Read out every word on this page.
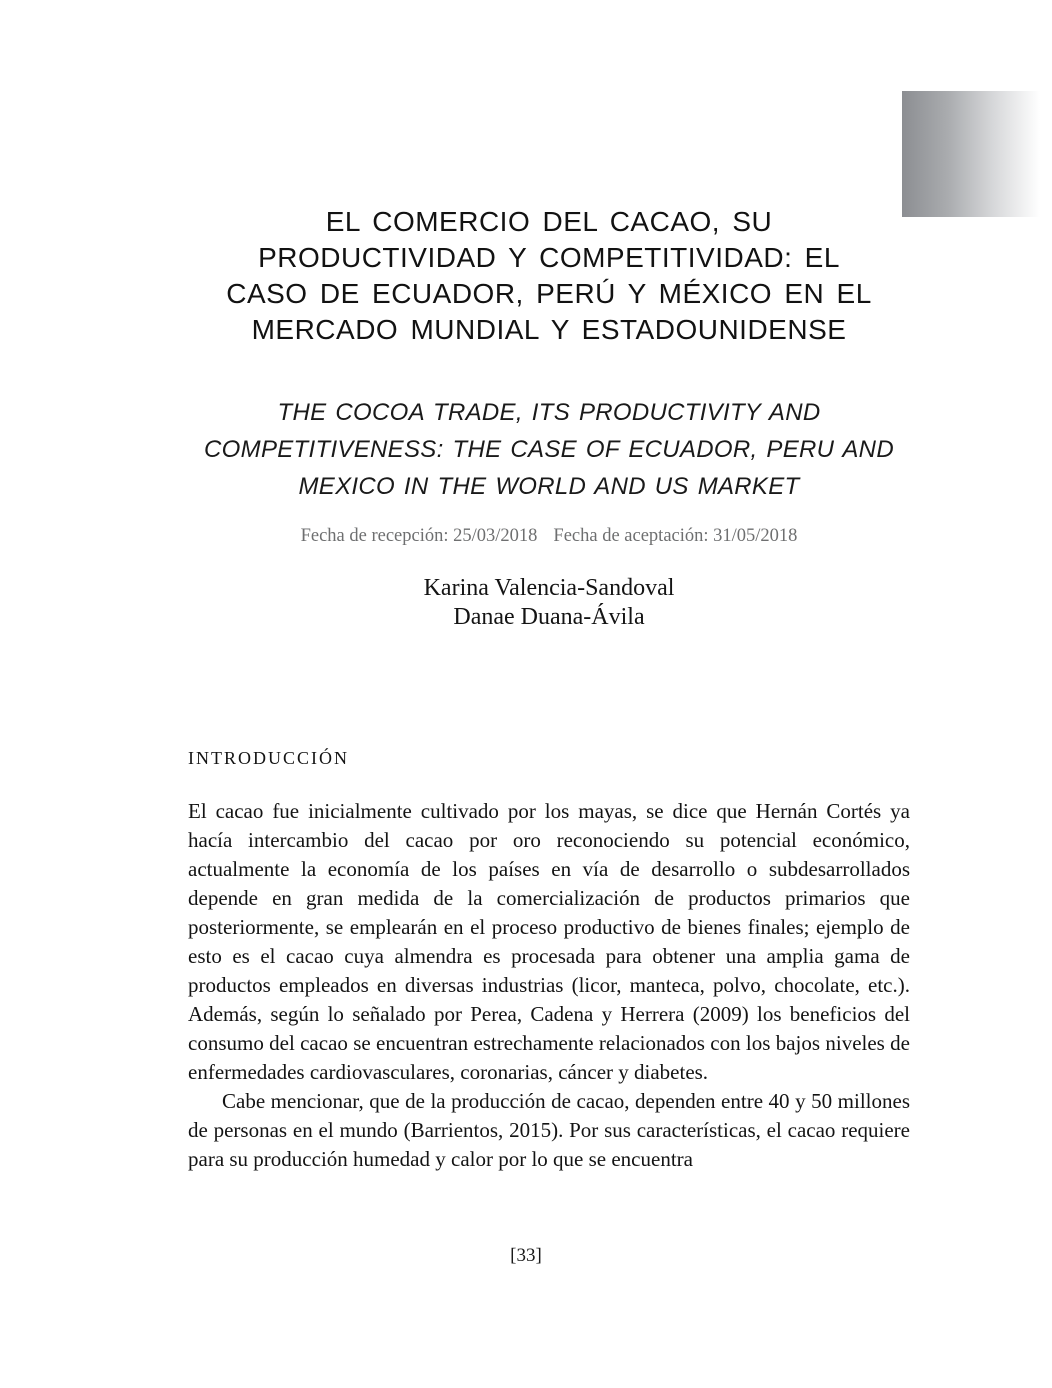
EL COMERCIO DEL CACAO, SU
PRODUCTIVIDAD Y COMPETITIVIDAD: EL
CASO DE ECUADOR, PERÚ Y MÉXICO EN EL
MERCADO MUNDIAL Y ESTADOUNIDENSE
THE COCOA TRADE, ITS PRODUCTIVITY AND
COMPETITIVENESS: THE CASE OF ECUADOR, PERU AND
MEXICO IN THE WORLD AND US MARKET
Fecha de recepción: 25/03/2018 Fecha de aceptación: 31/05/2018
Karina Valencia-Sandoval
Danae Duana-Ávila
INTRODUCCIÓN

El cacao fue inicialmente cultivado por los mayas, se dice que Hernán Cortés ya hacía intercambio del cacao por oro reconociendo su potencial económico, actualmente la economía de los países en vía de desarrollo o subdesarrollados depende en gran medida de la comercialización de productos primarios que posteriormente, se emplearán en el proceso productivo de bienes finales; ejemplo de esto es el cacao cuya almendra es procesada para obtener una amplia gama de productos empleados en diversas industrias (licor, manteca, polvo, chocolate, etc.). Además, según lo señalado por Perea, Cadena y Herrera (2009) los beneficios del consumo del cacao se encuentran estrechamente relacionados con los bajos niveles de enfermedades cardiovasculares, coronarias, cáncer y diabetes.

Cabe mencionar, que de la producción de cacao, dependen entre 40 y 50 millones de personas en el mundo (Barrientos, 2015). Por sus características, el cacao requiere para su producción humedad y calor por lo que se encuentra

[33]
